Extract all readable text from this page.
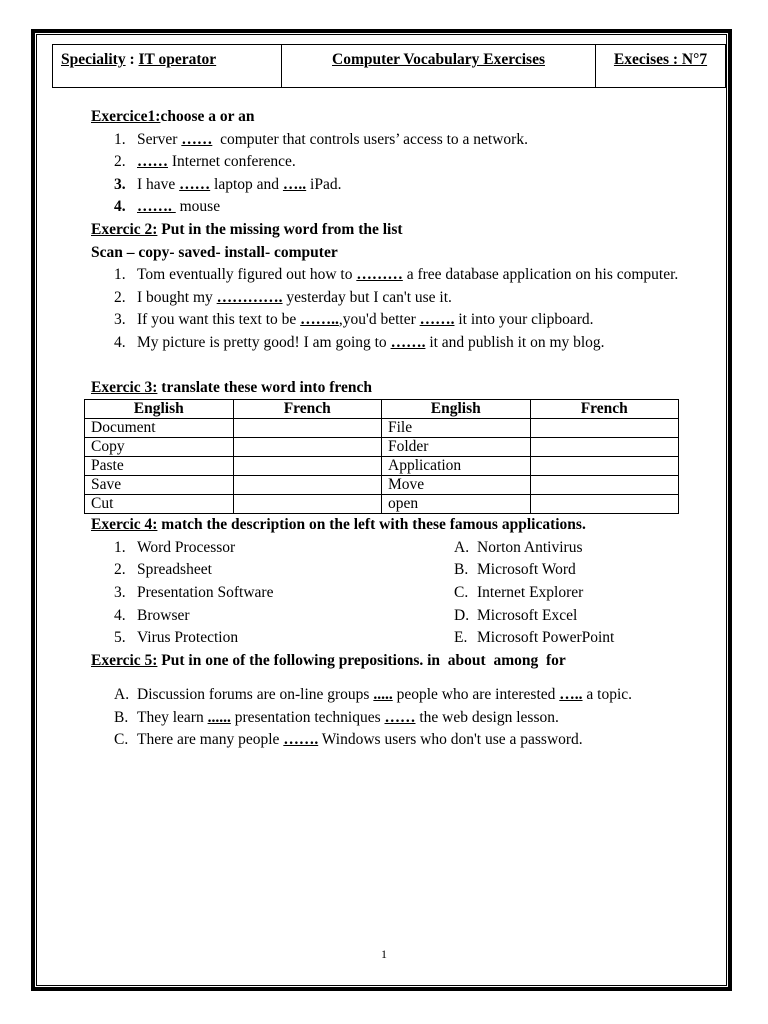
Speciality : IT operator	Computer Vocabulary Exercises	Execises : N°7
Exercice1:choose a or an
1. Server ……  computer that controls users’ access to a network.
2. …… Internet conference.
3. I have …… laptop and ….. iPad.
4. …….  mouse
Exercic 2: Put in the missing word from the list
Scan – copy- saved- install- computer
1. Tom eventually figured out how to ……… a free database application on his computer.
2. I bought my …………. yesterday but I can't use it.
3. If you want this text to be ……..,you'd better ……. it into your clipboard.
4. My picture is pretty good! I am going to ……. it and publish it on my blog.
Exercic 3: translate these word into french
English	French	English	French
Document		File	
Copy		Folder	
Paste		Application	
Save		Move	
Cut		open	
Exercic 4: match the description on the left with these famous applications.
1. Word Processor
2. Spreadsheet
3. Presentation Software
4. Browser
5. Virus Protection
A. Norton Antivirus
B. Microsoft Word
C. Internet Explorer
D. Microsoft Excel
E. Microsoft PowerPoint
Exercic 5: Put in one of the following prepositions. in  about  among  for
A. Discussion forums are on-line groups ..... people who are interested ….. a topic.
B. They learn ...... presentation techniques …… the web design lesson.
C. There are many people ……. Windows users who don't use a password.
1
